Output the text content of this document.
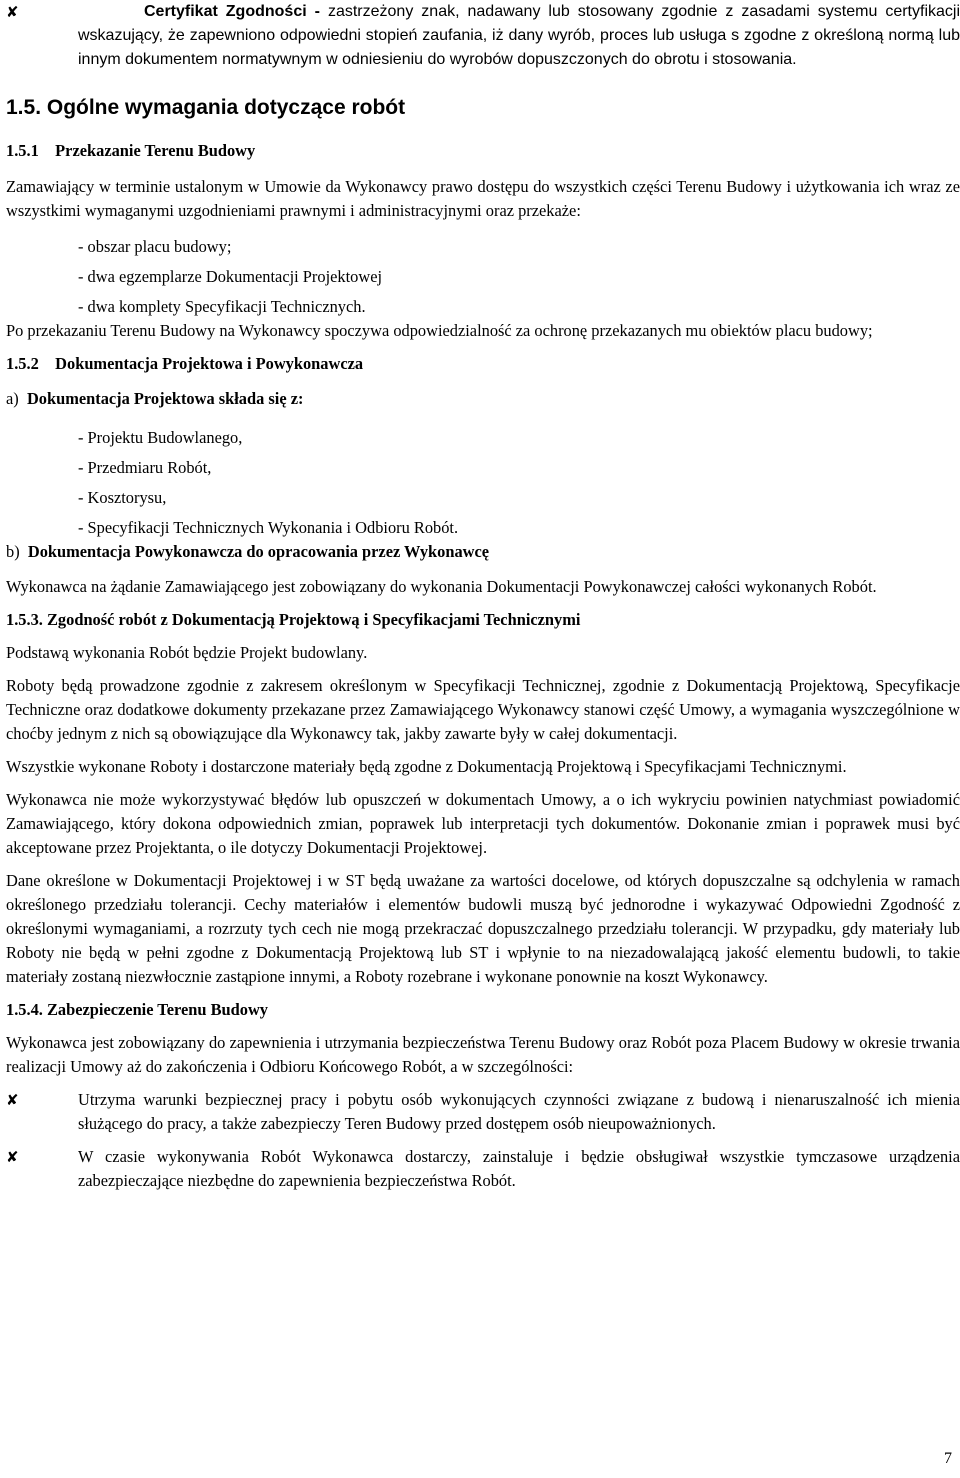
✘	Certyfikat Zgodności - zastrzeżony znak, nadawany lub stosowany zgodnie z zasadami systemu certyfikacji wskazujący, że zapewniono odpowiedni stopień zaufania, iż dany wyrób, proces lub usługa s zgodne z określoną normą lub innym dokumentem normatywnym w odniesieniu do wyrobów dopuszczonych do obrotu i stosowania.

1.5. Ogólne wymagania dotyczące robót

1.5.1 Przekazanie Terenu Budowy

Zamawiający w terminie ustalonym w Umowie da Wykonawcy prawo dostępu do wszystkich części Terenu Budowy i użytkowania ich wraz ze wszystkimi wymaganymi uzgodnieniami prawnymi i administracyjnymi oraz przekaże:

- obszar placu budowy;

- dwa egzemplarze Dokumentacji Projektowej

- dwa komplety Specyfikacji Technicznych.

Po przekazaniu Terenu Budowy na Wykonawcy spoczywa odpowiedzialność za ochronę przekazanych mu obiektów placu budowy;

1.5.2 Dokumentacja Projektowa i Powykonawcza

a) Dokumentacja Projektowa składa się z:

- Projektu Budowlanego,

- Przedmiaru Robót,

- Kosztorysu,

- Specyfikacji Technicznych Wykonania i Odbioru Robót.

b) Dokumentacja Powykonawcza do opracowania przez Wykonawcę

Wykonawca na żądanie Zamawiającego jest zobowiązany do wykonania Dokumentacji Powykonawczej całości wykonanych Robót.

1.5.3. Zgodność robót z Dokumentacją Projektową i Specyfikacjami Technicznymi

Podstawą wykonania Robót będzie Projekt budowlany.

Roboty będą prowadzone zgodnie z zakresem określonym w Specyfikacji Technicznej, zgodnie z Dokumentacją Projektową, Specyfikacje Techniczne oraz dodatkowe dokumenty przekazane przez Zamawiającego Wykonawcy stanowi część Umowy, a wymagania wyszczególnione w choćby jednym z nich są obowiązujące dla Wykonawcy tak, jakby zawarte były w całej dokumentacji.

Wszystkie wykonane Roboty i dostarczone materiały będą zgodne z Dokumentacją Projektową i Specyfikacjami Technicznymi.

Wykonawca nie może wykorzystywać błędów lub opuszczeń w dokumentach Umowy, a o ich wykryciu powinien natychmiast powiadomić Zamawiającego, który dokona odpowiednich zmian, poprawek lub interpretacji tych dokumentów. Dokonanie zmian i poprawek musi być akceptowane przez Projektanta, o ile dotyczy Dokumentacji Projektowej.

Dane określone w Dokumentacji Projektowej i w ST będą uważane za wartości docelowe, od których dopuszczalne są odchylenia w ramach określonego przedziału tolerancji. Cechy materiałów i elementów budowli muszą być jednorodne i wykazywać Odpowiedni Zgodność z określonymi wymaganiami, a rozrzuty tych cech nie mogą przekraczać dopuszczalnego przedziału tolerancji. W przypadku, gdy materiały lub Roboty nie będą w pełni zgodne z Dokumentacją Projektową lub ST i wpłynie to na niezadowalającą jakość elementu budowli, to takie materiały zostaną niezwłocznie zastąpione innymi, a Roboty rozebrane i wykonane ponownie na koszt Wykonawcy.

1.5.4. Zabezpieczenie Terenu Budowy

Wykonawca jest zobowiązany do zapewnienia i utrzymania bezpieczeństwa Terenu Budowy oraz Robót poza Placem Budowy w okresie trwania realizacji Umowy aż do zakończenia i Odbioru Końcowego Robót, a w szczególności:

✘	Utrzyma warunki bezpiecznej pracy i pobytu osób wykonujących czynności związane z budową i nienaruszalność ich mienia służącego do pracy, a także zabezpieczy Teren Budowy przed dostępem osób nieupoważnionych.

✘	W czasie wykonywania Robót Wykonawca dostarczy, zainstaluje i będzie obsługiwał wszystkie tymczasowe urządzenia zabezpieczające niezbędne do zapewnienia bezpieczeństwa Robót.

7
